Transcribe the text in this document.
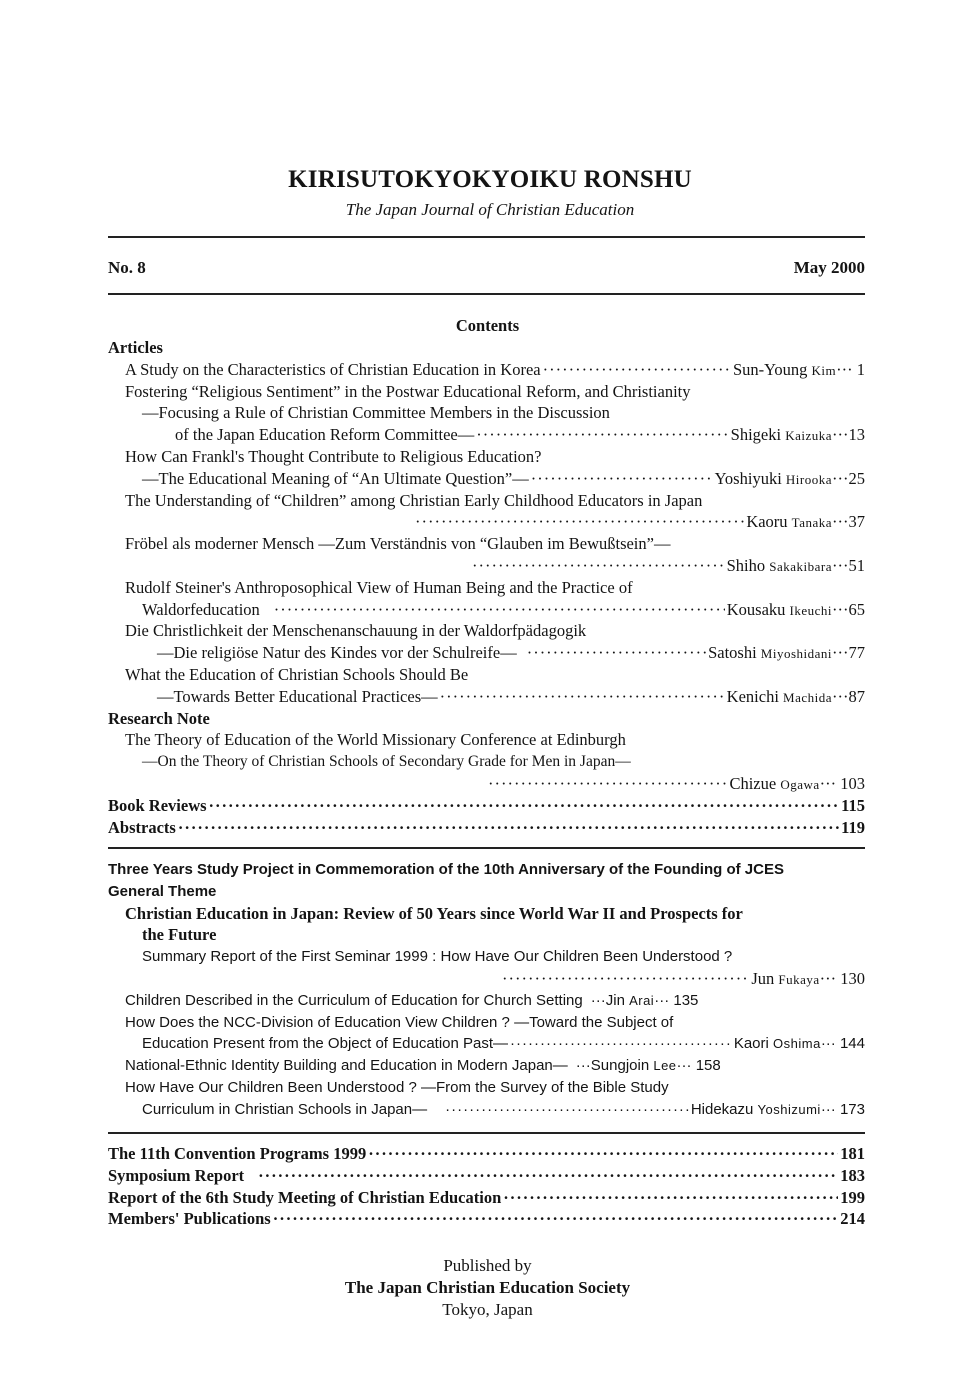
KIRISUTOKYOKYOIKU RONSHU
The Japan Journal of Christian Education
No. 8	May 2000
Contents
Articles
A Study on the Characteristics of Christian Education in Korea ·····	Sun-Young Kim··· 1
Fostering “Religious Sentiment” in the Postwar Educational Reform, and Christianity
—Focusing a Rule of Christian Committee Members in the Discussion
of the Japan Education Reform Committee— ·····	Shigeki Kaizuka···13
How Can Frankl's Thought Contribute to Religious Education?
—The Educational Meaning of “An Ultimate Question”— ·····	Yoshiyuki Hirooka···25
The Understanding of “Children” among Christian Early Childhood Educators in Japan
·····
Kaoru Tanaka···37
Fröbel als moderner Mensch —Zum Verständnis von “Glauben im Bewußtsein”—
·····
Shiho Sakakibara···51
Rudolf Steiner's Anthroposophical View of Human Being and the Practice of
Waldorfeducation ·····	Kousaku Ikeuchi···65
Die Christlichkeit der Menschenanschauung in der Waldorfpädagogik
—Die religiöse Natur des Kindes vor der Schulreife— ·····	Satoshi Miyoshidani···77
What the Education of Christian Schools Should Be
—Towards Better Educational Practices— ·····	Kenichi Machida···87
Research Note
The Theory of Education of the World Missionary Conference at Edinburgh
—On the Theory of Christian Schools of Secondary Grade for Men in Japan—
·····
Chizue Ogawa··· 103
Book Reviews ·····	115
Abstracts ·····	119
Three Years Study Project in Commemoration of the 10th Anniversary of the Founding of JCES
General Theme
Christian Education in Japan: Review of 50 Years since World War II and Prospects for
the Future
Summary Report of the First Seminar 1999 : How Have Our Children Been Understood ?
·····
Jun Fukaya··· 130
Children Described in the Curriculum of Education for Church Setting ···Jin Arai··· 135
How Does the NCC-Division of Education View Children ? —Toward the Subject of
Education Present from the Object of Education Past— ·····	Kaori Oshima··· 144
National-Ethnic Identity Building and Education in Modern Japan— ···Sungjoin Lee··· 158
How Have Our Children Been Understood ? —From the Survey of the Bible Study
Curriculum in Christian Schools in Japan— ·····	Hidekazu Yoshizumi··· 173
The 11th Convention Programs 1999 ·····	181
Symposium Report ·····	183
Report of the 6th Study Meeting of Christian Education ·····	199
Members' Publications ·····	214
Published by
The Japan Christian Education Society
Tokyo, Japan
